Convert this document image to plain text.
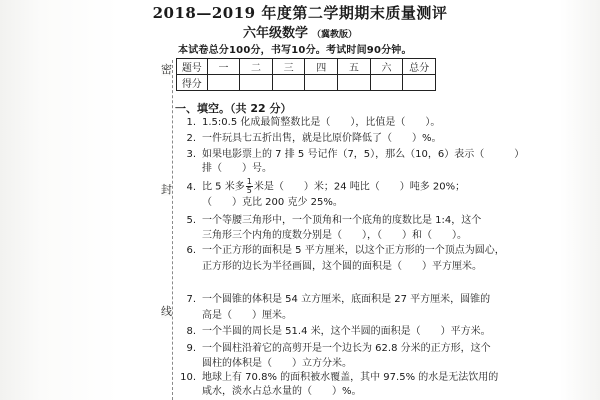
密
封
线
2018—2019 年度第二学期期末质量测评
六年级数学 （冀教版）
本试卷总分100分，书写10分。考试时间90分钟。
题号	一	二	三	四	五	六	总分
得分							
一、填空。（共 22 分）
1. 1.5:0.5 化成最简整数比是（　　），比值是（　　）。
2. 一件玩具七五折出售，就是比原价降低了（　　）%。
3. 如果电影票上的 7 排 5 号记作（7，5），那么（10，6）表示（　　　）
排（　　）号。
4. 比 5 米多 $\frac{1}{5}$ 米是（　　）米；24 吨比（　　）吨多 20%；
（　　）克比 200 克少 25%。
5. 一个等腰三角形中，一个顶角和一个底角的度数比是 1:4，这个
三角形三个内角的度数分别是（　　），（　　）和（　　）。
6. 一个正方形的面积是 5 平方厘米，以这个正方形的一个顶点为圆心，
正方形的边长为半径画圆，这个圆的面积是（　　）平方厘米。
7. 一个圆锥的体积是 54 立方厘米，底面积是 27 平方厘米，圆锥的
高是（　　）厘米。
8. 一个半圆的周长是 51.4 米，这个半圆的面积是（　　）平方米。
9. 一个圆柱沿着它的高剪开是一个边长为 62.8 分米的正方形，这个
圆柱的体积是（　　）立方分米。
10. 地球上有 70.8% 的面积被水覆盖，其中 97.5% 的水是无法饮用的
咸水，淡水占总水量的（　　）%。
